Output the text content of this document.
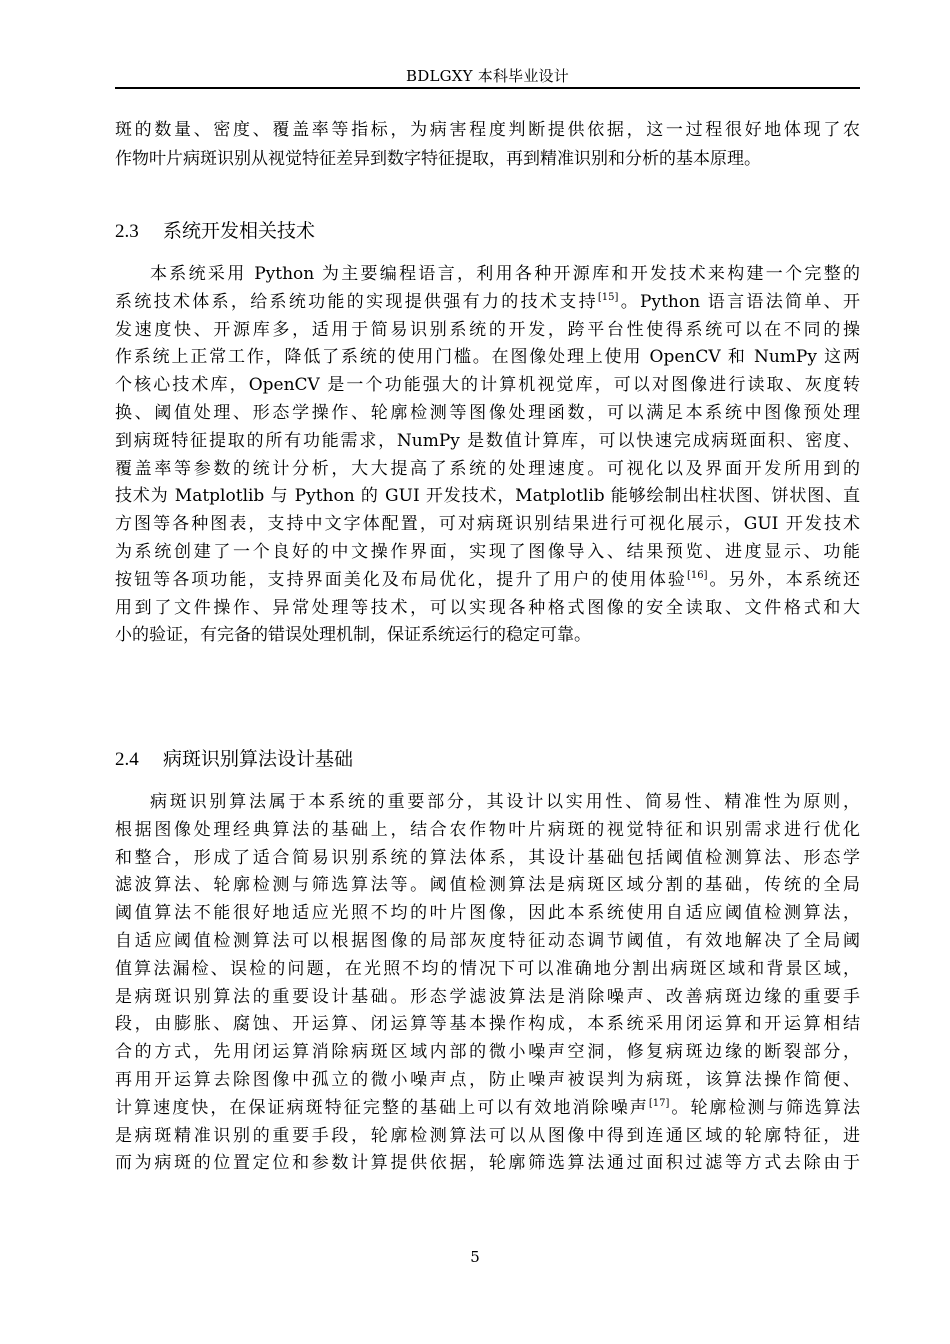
BDLGXY 本科毕业设计
斑的数量、密度、覆盖率等指标，为病害程度判断提供依据，这一过程很好地体现了农
作物叶片病斑识别从视觉特征差异到数字特征提取，再到精准识别和分析的基本原理。
2.3 系统开发相关技术
本系统采用 Python 为主要编程语言，利用各种开源库和开发技术来构建一个完整的
系统技术体系，给系统功能的实现提供强有力的技术支持[15]。Python 语言语法简单、开
发速度快、开源库多，适用于简易识别系统的开发，跨平台性使得系统可以在不同的操
作系统上正常工作，降低了系统的使用门槛。在图像处理上使用 OpenCV 和 NumPy 这两
个核心技术库，OpenCV 是一个功能强大的计算机视觉库，可以对图像进行读取、灰度转
换、阈值处理、形态学操作、轮廓检测等图像处理函数，可以满足本系统中图像预处理
到病斑特征提取的所有功能需求，NumPy 是数值计算库，可以快速完成病斑面积、密度、
覆盖率等参数的统计分析，大大提高了系统的处理速度。可视化以及界面开发所用到的
技术为 Matplotlib 与 Python 的 GUI 开发技术，Matplotlib 能够绘制出柱状图、饼状图、直
方图等各种图表，支持中文字体配置，可对病斑识别结果进行可视化展示，GUI 开发技术
为系统创建了一个良好的中文操作界面，实现了图像导入、结果预览、进度显示、功能
按钮等各项功能，支持界面美化及布局优化，提升了用户的使用体验[16]。另外，本系统还
用到了文件操作、异常处理等技术，可以实现各种格式图像的安全读取、文件格式和大
小的验证，有完备的错误处理机制，保证系统运行的稳定可靠。
2.4 病斑识别算法设计基础
病斑识别算法属于本系统的重要部分，其设计以实用性、简易性、精准性为原则，
根据图像处理经典算法的基础上，结合农作物叶片病斑的视觉特征和识别需求进行优化
和整合，形成了适合简易识别系统的算法体系，其设计基础包括阈值检测算法、形态学
滤波算法、轮廓检测与筛选算法等。阈值检测算法是病斑区域分割的基础，传统的全局
阈值算法不能很好地适应光照不均的叶片图像，因此本系统使用自适应阈值检测算法，
自适应阈值检测算法可以根据图像的局部灰度特征动态调节阈值，有效地解决了全局阈
值算法漏检、误检的问题，在光照不均的情况下可以准确地分割出病斑区域和背景区域，
是病斑识别算法的重要设计基础。形态学滤波算法是消除噪声、改善病斑边缘的重要手
段，由膨胀、腐蚀、开运算、闭运算等基本操作构成，本系统采用闭运算和开运算相结
合的方式，先用闭运算消除病斑区域内部的微小噪声空洞，修复病斑边缘的断裂部分，
再用开运算去除图像中孤立的微小噪声点，防止噪声被误判为病斑，该算法操作简便、
计算速度快，在保证病斑特征完整的基础上可以有效地消除噪声[17]。轮廓检测与筛选算法
是病斑精准识别的重要手段，轮廓检测算法可以从图像中得到连通区域的轮廓特征，进
而为病斑的位置定位和参数计算提供依据，轮廓筛选算法通过面积过滤等方式去除由于
5
